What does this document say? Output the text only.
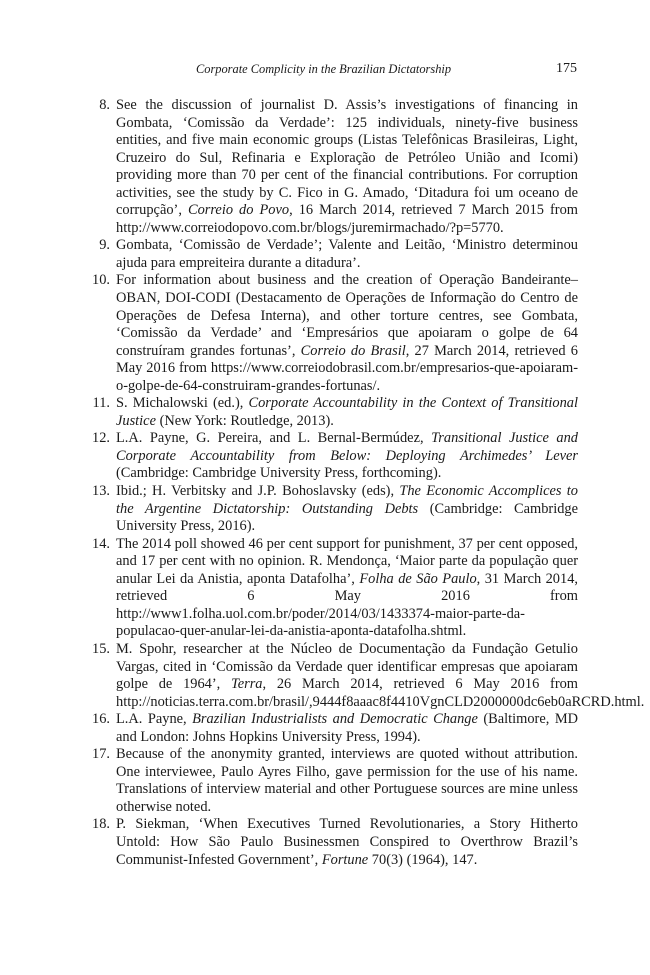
Corporate Complicity in the Brazilian Dictatorship	175
8. See the discussion of journalist D. Assis’s investigations of financing in Gombata, ‘Comissão da Verdade’: 125 individuals, ninety-five business entities, and five main economic groups (Listas Telefônicas Brasileiras, Light, Cruzeiro do Sul, Refinaria e Exploração de Petróleo União and Icomi) providing more than 70 per cent of the financial contributions. For corruption activities, see the study by C. Fico in G. Amado, ‘Ditadura foi um oceano de corrupção’, Correio do Povo, 16 March 2014, retrieved 7 March 2015 from http://www.correiodopovo.com.br/blogs/juremirmachado/?p=5770.
9. Gombata, ‘Comissão de Verdade’; Valente and Leitão, ‘Ministro determinou ajuda para empreiteira durante a ditadura’.
10. For information about business and the creation of Operação Bandeirante–OBAN, DOI-CODI (Destacamento de Operações de Informação do Centro de Operações de Defesa Interna), and other torture centres, see Gombata, ‘Comissão da Verdade’ and ‘Empresários que apoiaram o golpe de 64 construíram grandes fortunas’, Correio do Brasil, 27 March 2014, retrieved 6 May 2016 from https://www.correiodobrasil.com.br/empresarios-que-apoiaram-o-golpe-de-64-construiram-grandes-fortunas/.
11. S. Michalowski (ed.), Corporate Accountability in the Context of Transitional Justice (New York: Routledge, 2013).
12. L.A. Payne, G. Pereira, and L. Bernal-Bermúdez, Transitional Justice and Corporate Accountability from Below: Deploying Archimedes’ Lever (Cambridge: Cambridge University Press, forthcoming).
13. Ibid.; H. Verbitsky and J.P. Bohoslavsky (eds), The Economic Accomplices to the Argentine Dictatorship: Outstanding Debts (Cambridge: Cambridge University Press, 2016).
14. The 2014 poll showed 46 per cent support for punishment, 37 per cent opposed, and 17 per cent with no opinion. R. Mendonça, ‘Maior parte da população quer anular Lei da Anistia, aponta Datafolha’, Folha de São Paulo, 31 March 2014, retrieved 6 May 2016 from http://www1.folha.uol.com.br/poder/2014/03/1433374-maior-parte-da-populacao-quer-anular-lei-da-anistia-aponta-datafolha.shtml.
15. M. Spohr, researcher at the Núcleo de Documentação da Fundação Getulio Vargas, cited in ‘Comissão da Verdade quer identificar empresas que apoiaram golpe de 1964’, Terra, 26 March 2014, retrieved 6 May 2016 from http://noticias.terra.com.br/brasil/,9444f8aaac8f4410VgnCLD2000000dc6eb0aRCRD.html.
16. L.A. Payne, Brazilian Industrialists and Democratic Change (Baltimore, MD and London: Johns Hopkins University Press, 1994).
17. Because of the anonymity granted, interviews are quoted without attribution. One interviewee, Paulo Ayres Filho, gave permission for the use of his name. Translations of interview material and other Portuguese sources are mine unless otherwise noted.
18. P. Siekman, ‘When Executives Turned Revolutionaries, a Story Hitherto Untold: How São Paulo Businessmen Conspired to Overthrow Brazil’s Communist-Infested Government’, Fortune 70(3) (1964), 147.
